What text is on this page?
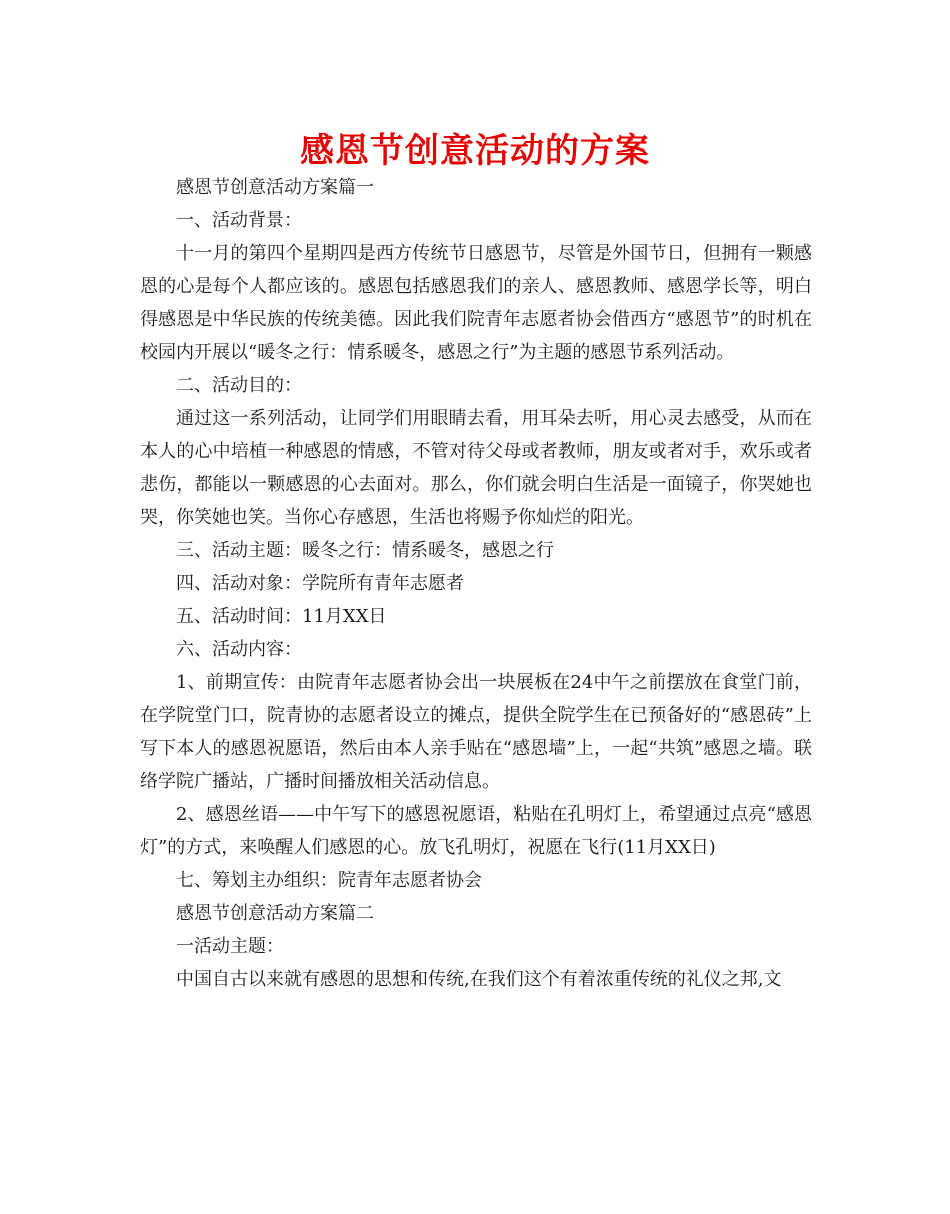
感恩节创意活动的方案

感恩节创意活动方案篇一

一、活动背景：

十一月的第四个星期四是西方传统节日感恩节，尽管是外国节日，但拥有一颗感恩的心是每个人都应该的。感恩包括感恩我们的亲人、感恩教师、感恩学长等，明白得感恩是中华民族的传统美德。因此我们院青年志愿者协会借西方“感恩节”的时机在校园内开展以“暖冬之行：情系暖冬，感恩之行”为主题的感恩节系列活动。

二、活动目的：

通过这一系列活动，让同学们用眼睛去看，用耳朵去听，用心灵去感受，从而在本人的心中培植一种感恩的情感，不管对待父母或者教师，朋友或者对手，欢乐或者悲伤，都能以一颗感恩的心去面对。那么，你们就会明白生活是一面镜子，你哭她也哭，你笑她也笑。当你心存感恩，生活也将赐予你灿烂的阳光。

三、活动主题：暖冬之行：情系暖冬，感恩之行

四、活动对象：学院所有青年志愿者

五、活动时间：11月XX日

六、活动内容：

1、前期宣传：由院青年志愿者协会出一块展板在24中午之前摆放在食堂门前，在学院堂门口，院青协的志愿者设立的摊点，提供全院学生在已预备好的“感恩砖”上写下本人的感恩祝愿语，然后由本人亲手贴在“感恩墙”上，一起“共筑”感恩之墙。联络学院广播站，广播时间播放相关活动信息。

2、感恩丝语——中午写下的感恩祝愿语，粘贴在孔明灯上，希望通过点亮“感恩灯”的方式，来唤醒人们感恩的心。放飞孔明灯，祝愿在飞行(11月XX日)

七、筹划主办组织：院青年志愿者协会

感恩节创意活动方案篇二

一活动主题：

中国自古以来就有感恩的思想和传统,在我们这个有着浓重传统的礼仪之邦,文
